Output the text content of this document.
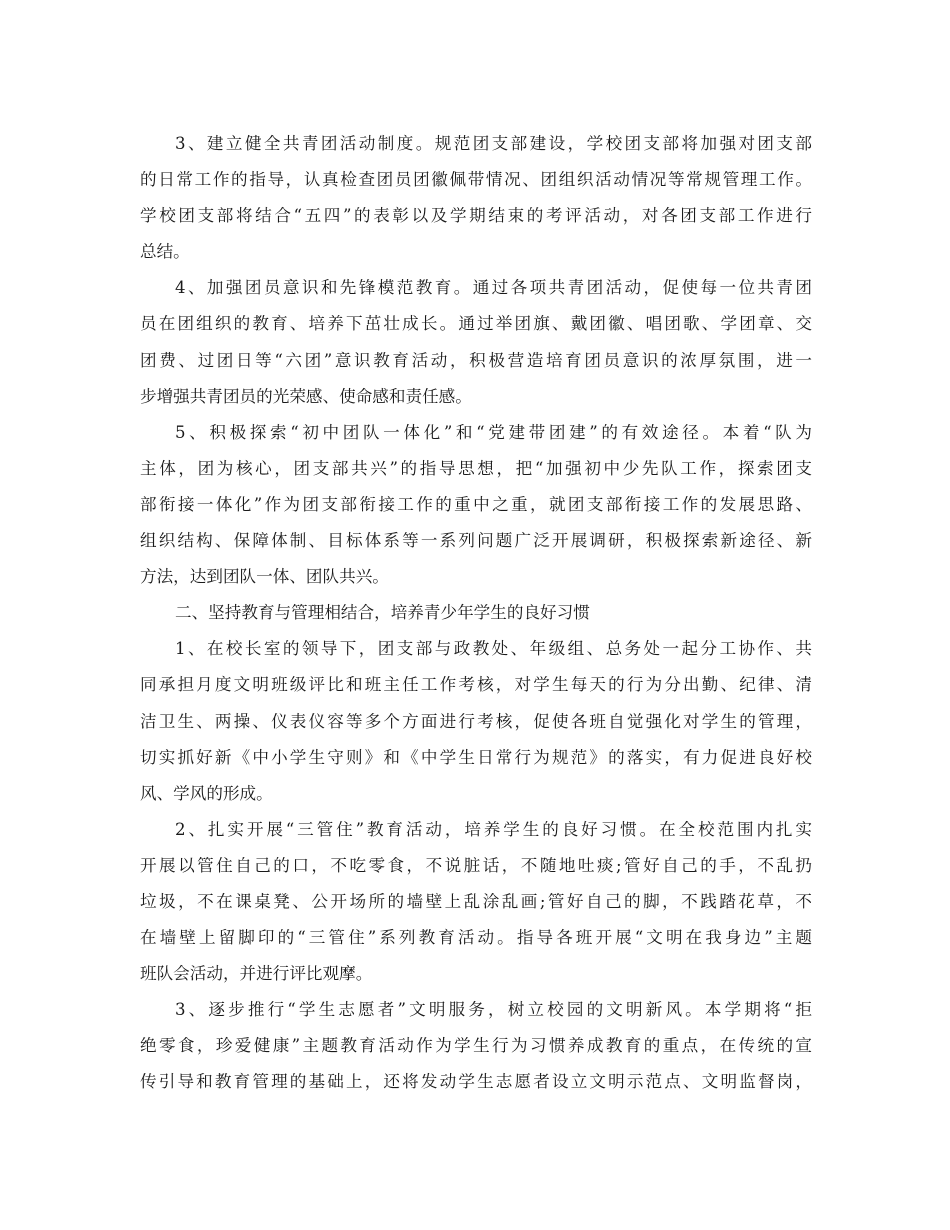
3、建立健全共青团活动制度。规范团支部建设，学校团支部将加强对团支部
的日常工作的指导，认真检查团员团徽佩带情况、团组织活动情况等常规管理工作。
学校团支部将结合“五四”的表彰以及学期结束的考评活动，对各团支部工作进行
总结。
4、加强团员意识和先锋模范教育。通过各项共青团活动，促使每一位共青团
员在团组织的教育、培养下茁壮成长。通过举团旗、戴团徽、唱团歌、学团章、交
团费、过团日等“六团”意识教育活动，积极营造培育团员意识的浓厚氛围，进一
步增强共青团员的光荣感、使命感和责任感。
5、积极探索“初中团队一体化”和“党建带团建”的有效途径。本着“队为
主体，团为核心，团支部共兴”的指导思想，把“加强初中少先队工作，探索团支
部衔接一体化”作为团支部衔接工作的重中之重，就团支部衔接工作的发展思路、
组织结构、保障体制、目标体系等一系列问题广泛开展调研，积极探索新途径、新
方法，达到团队一体、团队共兴。
二、坚持教育与管理相结合，培养青少年学生的良好习惯
1、在校长室的领导下，团支部与政教处、年级组、总务处一起分工协作、共
同承担月度文明班级评比和班主任工作考核，对学生每天的行为分出勤、纪律、清
洁卫生、两操、仪表仪容等多个方面进行考核，促使各班自觉强化对学生的管理，
切实抓好新《中小学生守则》和《中学生日常行为规范》的落实，有力促进良好校
风、学风的形成。
2、扎实开展“三管住”教育活动，培养学生的良好习惯。在全校范围内扎实
开展以管住自己的口，不吃零食，不说脏话，不随地吐痰;管好自己的手，不乱扔
垃圾，不在课桌凳、公开场所的墙壁上乱涂乱画;管好自己的脚，不践踏花草，不
在墙壁上留脚印的“三管住”系列教育活动。指导各班开展“文明在我身边”主题
班队会活动，并进行评比观摩。
3、逐步推行“学生志愿者”文明服务，树立校园的文明新风。本学期将“拒
绝零食，珍爱健康”主题教育活动作为学生行为习惯养成教育的重点，在传统的宣
传引导和教育管理的基础上，还将发动学生志愿者设立文明示范点、文明监督岗，
